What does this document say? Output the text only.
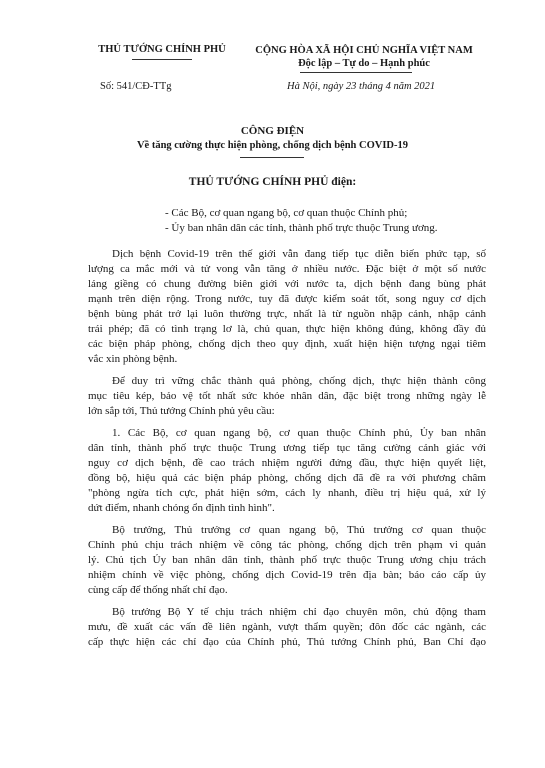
THỦ TƯỚNG CHÍNH PHỦ	CỘNG HÒA XÃ HỘI CHỦ NGHĨA VIỆT NAM
Độc lập – Tự do – Hạnh phúc
Số: 541/CĐ-TTg	Hà Nội, ngày 23 tháng 4 năm 2021
CÔNG ĐIỆN
Về tăng cường thực hiện phòng, chống dịch bệnh COVID-19
THỦ TƯỚNG CHÍNH PHỦ điện:
- Các Bộ, cơ quan ngang bộ, cơ quan thuộc Chính phủ;
- Ủy ban nhân dân các tỉnh, thành phố trực thuộc Trung ương.
Dịch bệnh Covid-19 trên thế giới vẫn đang tiếp tục diễn biến phức tạp, số
lượng ca mắc mới và tử vong vẫn tăng ở nhiều nước. Đặc biệt ở một số nước
láng giềng có chung đường biên giới với nước ta, dịch bệnh đang bùng phát
mạnh trên diện rộng. Trong nước, tuy đã được kiểm soát tốt, song nguy cơ dịch
bệnh bùng phát trở lại luôn thường trực, nhất là từ nguồn nhập cảnh, nhập cảnh
trái phép; đã có tình trạng lơ là, chủ quan, thực hiện không đúng, không đầy đủ
các biện pháp phòng, chống dịch theo quy định, xuất hiện hiện tượng ngại tiêm
vắc xin phòng bệnh.
Để duy trì vững chắc thành quả phòng, chống dịch, thực hiện thành công
mục tiêu kép, bảo vệ tốt nhất sức khỏe nhân dân, đặc biệt trong những ngày lễ
lớn sắp tới, Thủ tướng Chính phủ yêu cầu:
1. Các Bộ, cơ quan ngang bộ, cơ quan thuộc Chính phủ, Ủy ban nhân
dân tỉnh, thành phố trực thuộc Trung ương tiếp tục tăng cường cảnh giác với
nguy cơ dịch bệnh, đề cao trách nhiệm người đứng đầu, thực hiện quyết liệt,
đồng bộ, hiệu quả các biện pháp phòng, chống dịch đã đề ra với phương châm
"phòng ngừa tích cực, phát hiện sớm, cách ly nhanh, điều trị hiệu quả, xử lý
dứt điểm, nhanh chóng ổn định tình hình".
Bộ trưởng, Thủ trưởng cơ quan ngang bộ, Thủ trưởng cơ quan thuộc
Chính phủ chịu trách nhiệm về công tác phòng, chống dịch trên phạm vi quản
lý. Chủ tịch Ủy ban nhân dân tỉnh, thành phố trực thuộc Trung ương chịu trách
nhiệm chính về việc phòng, chống dịch Covid-19 trên địa bàn; báo cáo cấp ủy
cùng cấp để thống nhất chỉ đạo.
Bộ trưởng Bộ Y tế chịu trách nhiệm chỉ đạo chuyên môn, chủ động tham
mưu, đề xuất các vấn đề liên ngành, vượt thẩm quyền; đôn đốc các ngành, các
cấp thực hiện các chỉ đạo của Chính phủ, Thủ tướng Chính phủ, Ban Chỉ đạo
